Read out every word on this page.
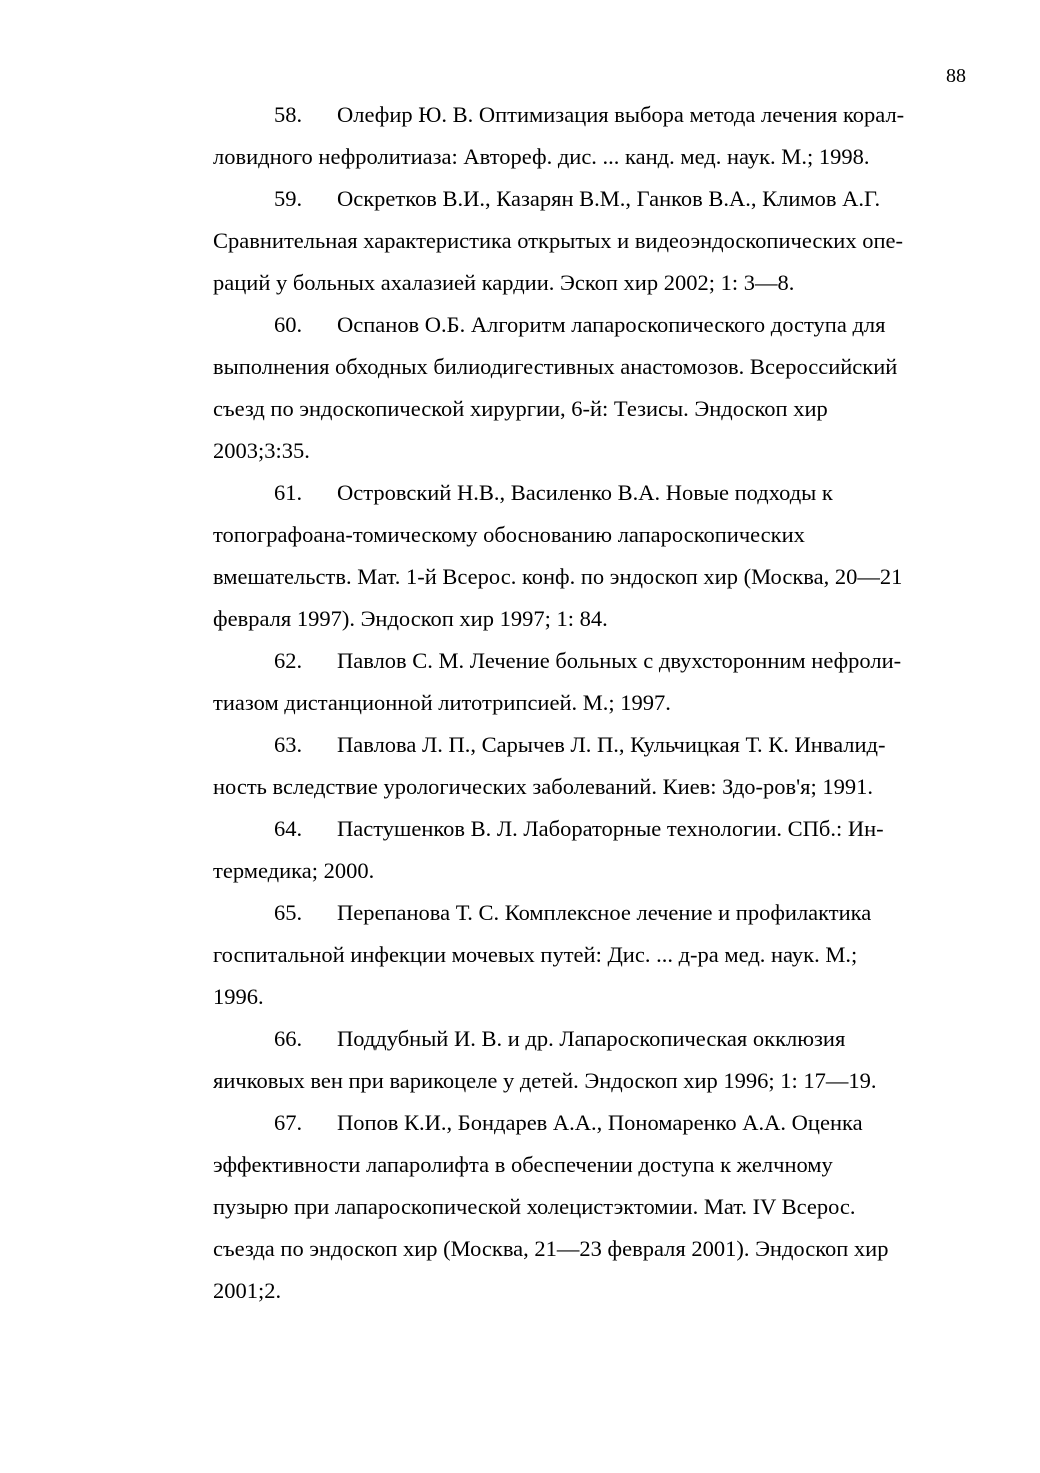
88
58. Олефир Ю. В. Оптимизация выбора метода лечения корал-
ловидного нефролитиаза: Автореф. дис. ... канд. мед. наук. М.; 1998.
59. Оскретков В.И., Казарян В.М., Ганков В.А., Климов А.Г.
Сравнительная характеристика открытых и видеоэндоскопических опе-
раций у больных ахалазией кардии. Эскоп хир 2002; 1: 3—8.
60. Оспанов О.Б. Алгоритм лапароскопического доступа для
выполнения обходных билиодигестивных анастомозов. Всероссийский
съезд по эндоскопической хирургии, 6-й: Тезисы. Эндоскоп хир
2003;3:35.
61. Островский Н.В., Василенко В.А. Новые подходы к
топографоана-томическому обоснованию лапароскопических
вмешательств. Мат. 1-й Всерос. конф. по эндоскоп хир (Москва, 20—21
февраля 1997). Эндоскоп хир 1997; 1: 84.
62. Павлов С. М. Лечение больных с двухсторонним нефроли-
тиазом дистанционной литотрипсией. М.; 1997.
63. Павлова Л. П., Сарычев Л. П., Кульчицкая Т. К. Инвалид-
ность вследствие урологических заболеваний. Киев: Здо-ров'я; 1991.
64. Пастушенков В. Л. Лабораторные технологии. СПб.: Ин-
термедика; 2000.
65. Перепанова Т. С. Комплексное лечение и профилактика
госпитальной инфекции мочевых путей: Дис. ... д-ра мед. наук. М.;
1996.
66. Поддубный И. В. и др. Лапароскопическая окклюзия
яичковых вен при варикоцеле у детей. Эндоскоп хир 1996; 1: 17—19.
67. Попов К.И., Бондарев А.А., Пономаренко А.А. Оценка
эффективности лапаролифта в обеспечении доступа к желчному
пузырю при лапароскопической холецистэктомии. Мат. IV Всерос.
съезда по эндоскоп хир (Москва, 21—23 февраля 2001). Эндоскоп хир
2001;2.
